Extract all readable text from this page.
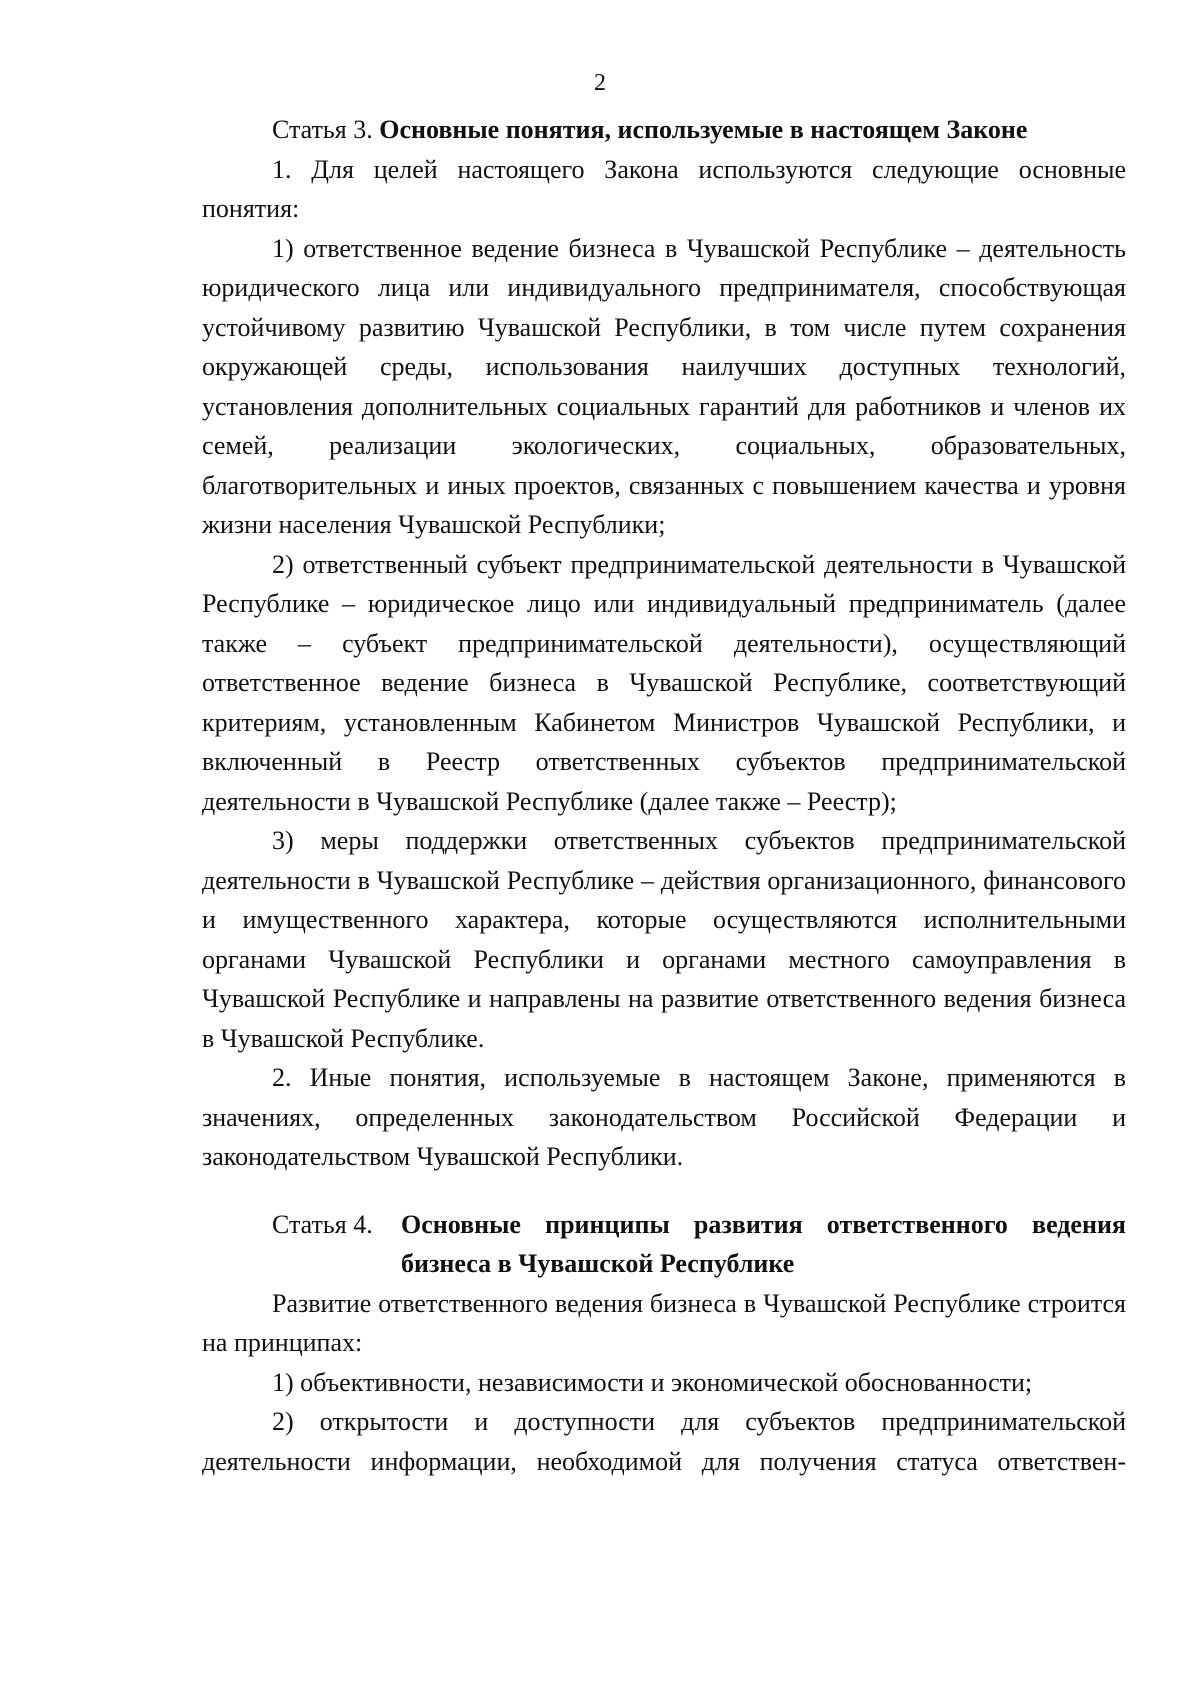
2
Статья 3. Основные понятия, используемые в настоящем Законе

1. Для целей настоящего Закона используются следующие основные понятия:

1) ответственное ведение бизнеса в Чувашской Республике – деятельность юридического лица или индивидуального предпринимателя, способствующая устойчивому развитию Чувашской Республики, в том числе путем сохранения окружающей среды, использования наилучших доступных технологий, установления дополнительных социальных гарантий для работников и членов их семей, реализации экологических, социальных, образовательных, благотворительных и иных проектов, связанных с повышением качества и уровня жизни населения Чувашской Республики;

2) ответственный субъект предпринимательской деятельности в Чувашской Республике – юридическое лицо или индивидуальный предприниматель (далее также – субъект предпринимательской деятельности), осуществляющий ответственное ведение бизнеса в Чувашской Республике, соответствующий критериям, установленным Кабинетом Министров Чувашской Республики, и включенный в Реестр ответственных субъектов предпринимательской деятельности в Чувашской Республике (далее также – Реестр);

3) меры поддержки ответственных субъектов предпринимательской деятельности в Чувашской Республике – действия организационного, финансового и имущественного характера, которые осуществляются исполнительными органами Чувашской Республики и органами местного самоуправления в Чувашской Республике и направлены на развитие ответственного ведения бизнеса в Чувашской Республике.

2. Иные понятия, используемые в настоящем Законе, применяются в значениях, определенных законодательством Российской Федерации и законодательством Чувашской Республики.

Статья 4. Основные принципы развития ответственного ведения
бизнеса в Чувашской Республике

Развитие ответственного ведения бизнеса в Чувашской Республике строится на принципах:

1) объективности, независимости и экономической обоснованности;

2) открытости и доступности для субъектов предпринимательской деятельности информации, необходимой для получения статуса ответствен-
